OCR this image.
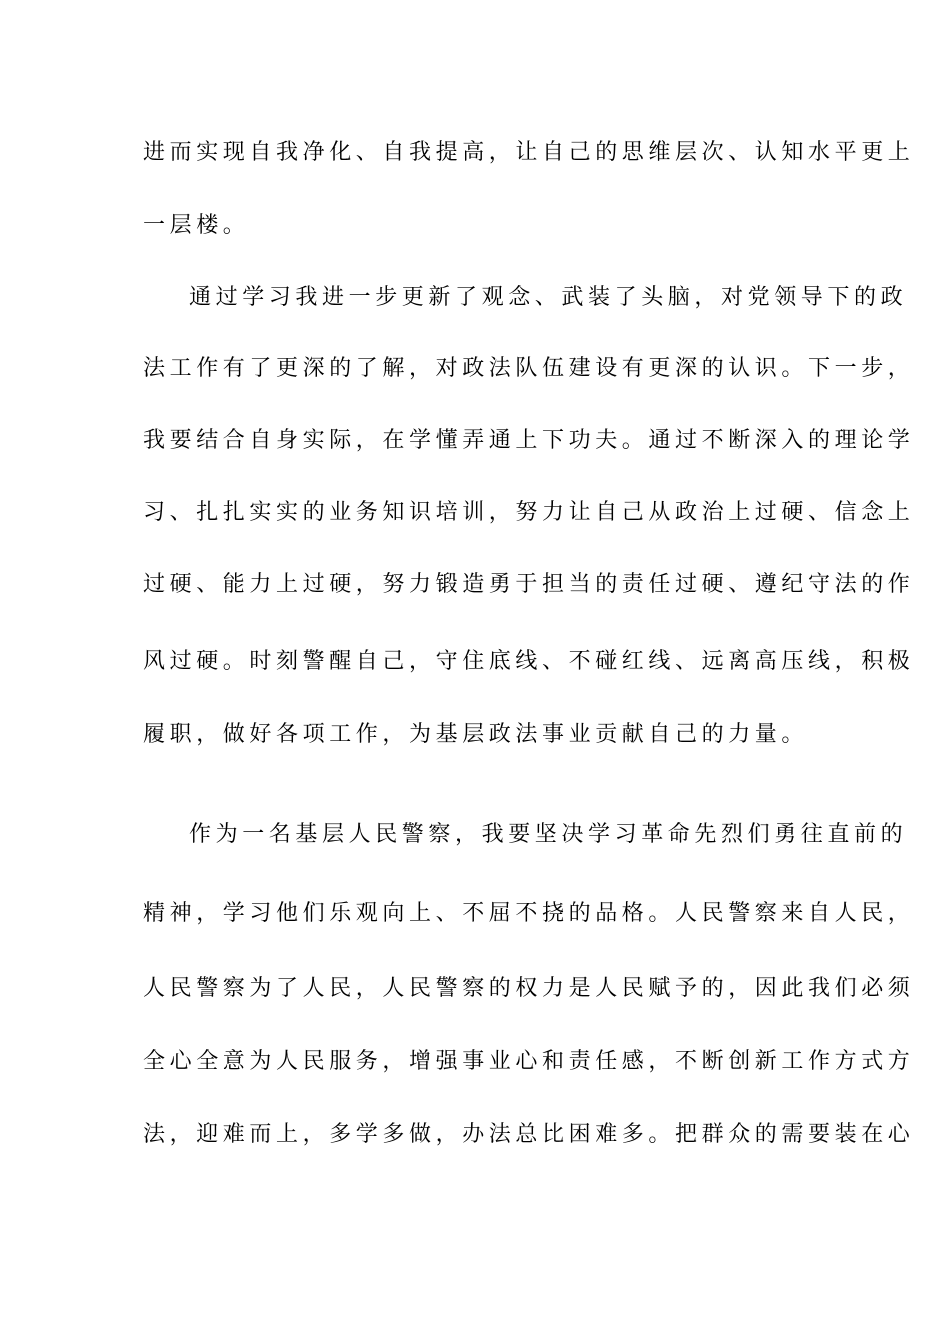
进而实现自我净化、自我提高，让自己的思维层次、认知水平更上
一层楼。
通过学习我进一步更新了观念、武装了头脑，对党领导下的政
法工作有了更深的了解，对政法队伍建设有更深的认识。下一步，
我要结合自身实际，在学懂弄通上下功夫。通过不断深入的理论学
习、扎扎实实的业务知识培训，努力让自己从政治上过硬、信念上
过硬、能力上过硬，努力锻造勇于担当的责任过硬、遵纪守法的作
风过硬。时刻警醒自己，守住底线、不碰红线、远离高压线，积极
履职，做好各项工作，为基层政法事业贡献自己的力量。
作为一名基层人民警察，我要坚决学习革命先烈们勇往直前的
精神，学习他们乐观向上、不屈不挠的品格。人民警察来自人民，
人民警察为了人民，人民警察的权力是人民赋予的，因此我们必须
全心全意为人民服务，增强事业心和责任感，不断创新工作方式方
法，迎难而上，多学多做，办法总比困难多。把群众的需要装在心
